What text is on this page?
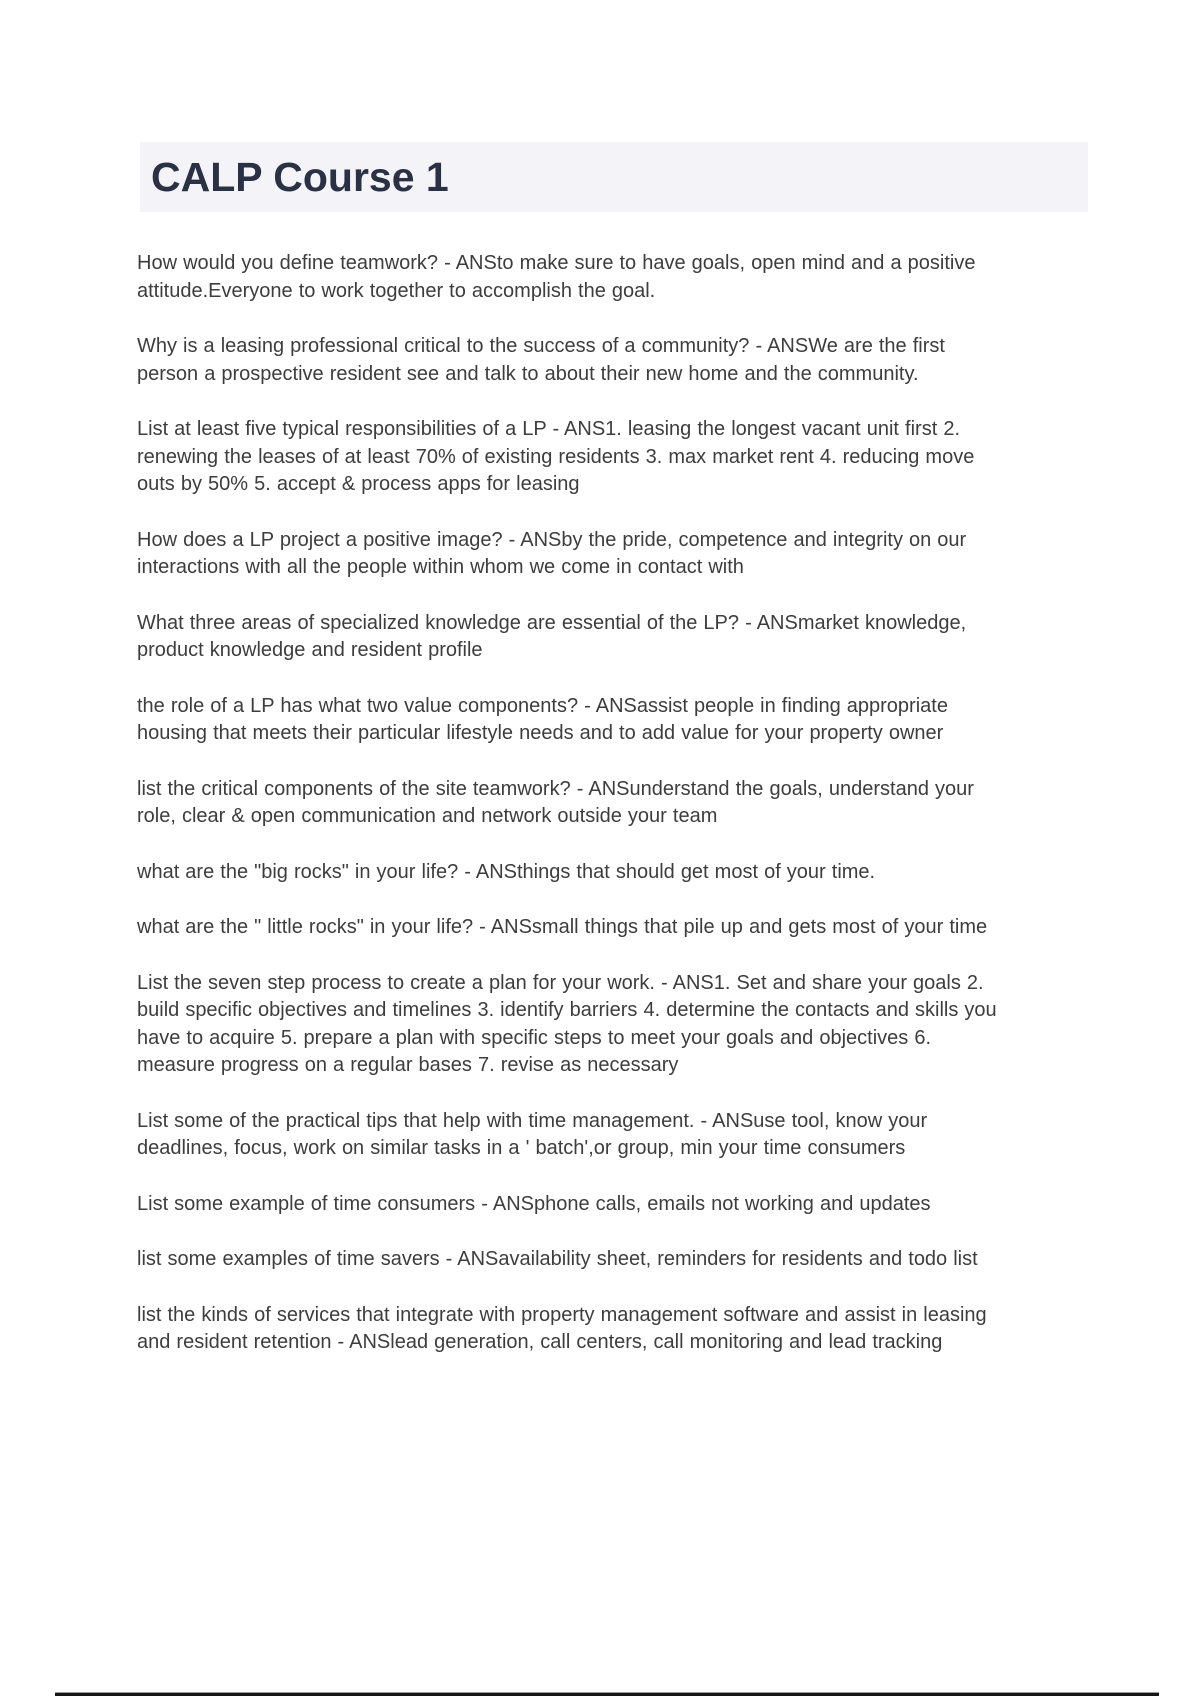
CALP Course 1

How would you define teamwork? - ANSto make sure to have goals, open mind and a positive attitude.Everyone to work together to accomplish the goal.

Why is a leasing professional critical to the success of a community? - ANSWe are the first person a prospective resident see and talk to about their new home and the community.

List at least five typical responsibilities of a LP - ANS1. leasing the longest vacant unit first 2. renewing the leases of at least 70% of existing residents 3. max market rent 4. reducing move outs by 50% 5. accept & process apps for leasing

How does a LP project a positive image? - ANSby the pride, competence and integrity on our interactions with all the people within whom we come in contact with

What three areas of specialized knowledge are essential of the LP? - ANSmarket knowledge, product knowledge and resident profile

the role of a LP has what two value components? - ANSassist people in finding appropriate housing that meets their particular lifestyle needs and to add value for your property owner

list the critical components of the site teamwork? - ANSunderstand the goals, understand your role, clear & open communication and network outside your team

what are the "big rocks" in your life? - ANSthings that should get most of your time.

what are the " little rocks" in your life? - ANSsmall things that pile up and gets most of your time

List the seven step process to create a plan for your work. - ANS1. Set and share your goals 2. build specific objectives and timelines 3. identify barriers 4. determine the contacts and skills you have to acquire 5. prepare a plan with specific steps to meet your goals and objectives 6. measure progress on a regular bases 7. revise as necessary

List some of the practical tips that help with time management. - ANSuse tool, know your deadlines, focus, work on similar tasks in a ' batch',or group, min your time consumers

List some example of time consumers - ANSphone calls, emails not working and updates

list some examples of time savers - ANSavailability sheet, reminders for residents and todo list

list the kinds of services that integrate with property management software and assist in leasing and resident retention - ANSlead generation, call centers, call monitoring and lead tracking
